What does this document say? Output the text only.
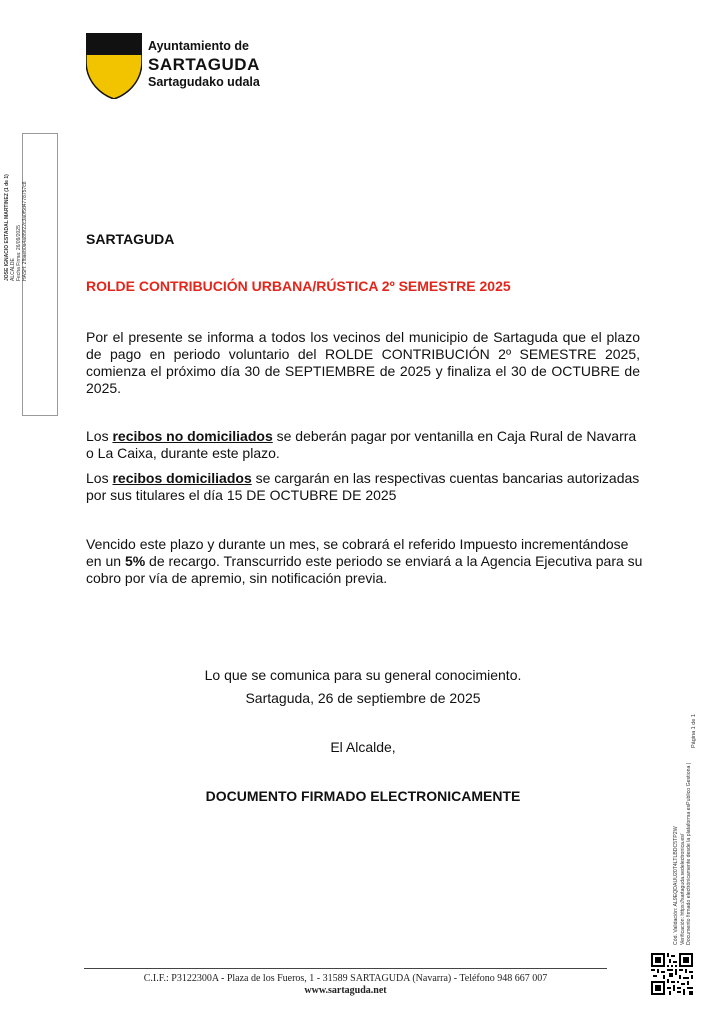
Ayuntamiento de
SARTAGUDA
Sartagudako udala
JOSE IGNACIO ESTADAL MARTINEZ (1 de 1) ALCALDE Fecha Firma: 26/09/2025 HASH: 2fbaeb0a4a8f9f22c3a0f5d4778757c8	SARTAGUDA
ROLDE CONTRIBUCIÓN URBANA/RÚSTICA 2º SEMESTRE 2025
Por el presente se informa a todos los vecinos del municipio de Sartaguda que el plazo de pago en periodo voluntario del ROLDE CONTRIBUCIÓN 2º SEMESTRE 2025, comienza el próximo día 30 de SEPTIEMBRE de 2025 y finaliza el 30 de OCTUBRE de 2025.
Los recibos no domiciliados se deberán pagar por ventanilla en Caja Rural de Navarra o La Caixa, durante este plazo.
Los recibos domiciliados se cargarán en las respectivas cuentas bancarias autorizadas por sus titulares el día 15 DE OCTUBRE DE 2025
Vencido este plazo y durante un mes, se cobrará el referido Impuesto incrementándose en un 5% de recargo. Transcurrido este periodo se enviará a la Agencia Ejecutiva para su cobro por vía de apremio, sin notificación previa.
Lo que se comunica para su general conocimiento.
Sartaguda, 26 de septiembre de 2025
El Alcalde,
DOCUMENTO FIRMADO ELECTRONICAMENTE
Cód. Validación: AL9EQDAUU20T4LTLBDC5TP2W Verificación: https://sartaguda.sedelectronica.es/ Documento firmado electrónicamente desde la plataforma esPublico Gestiona |
Página 1 de 1
C.I.F.: P3122300A - Plaza de los Fueros, 1 - 31589 SARTAGUDA (Navarra) - Teléfono 948 667 007
www.sartaguda.net
